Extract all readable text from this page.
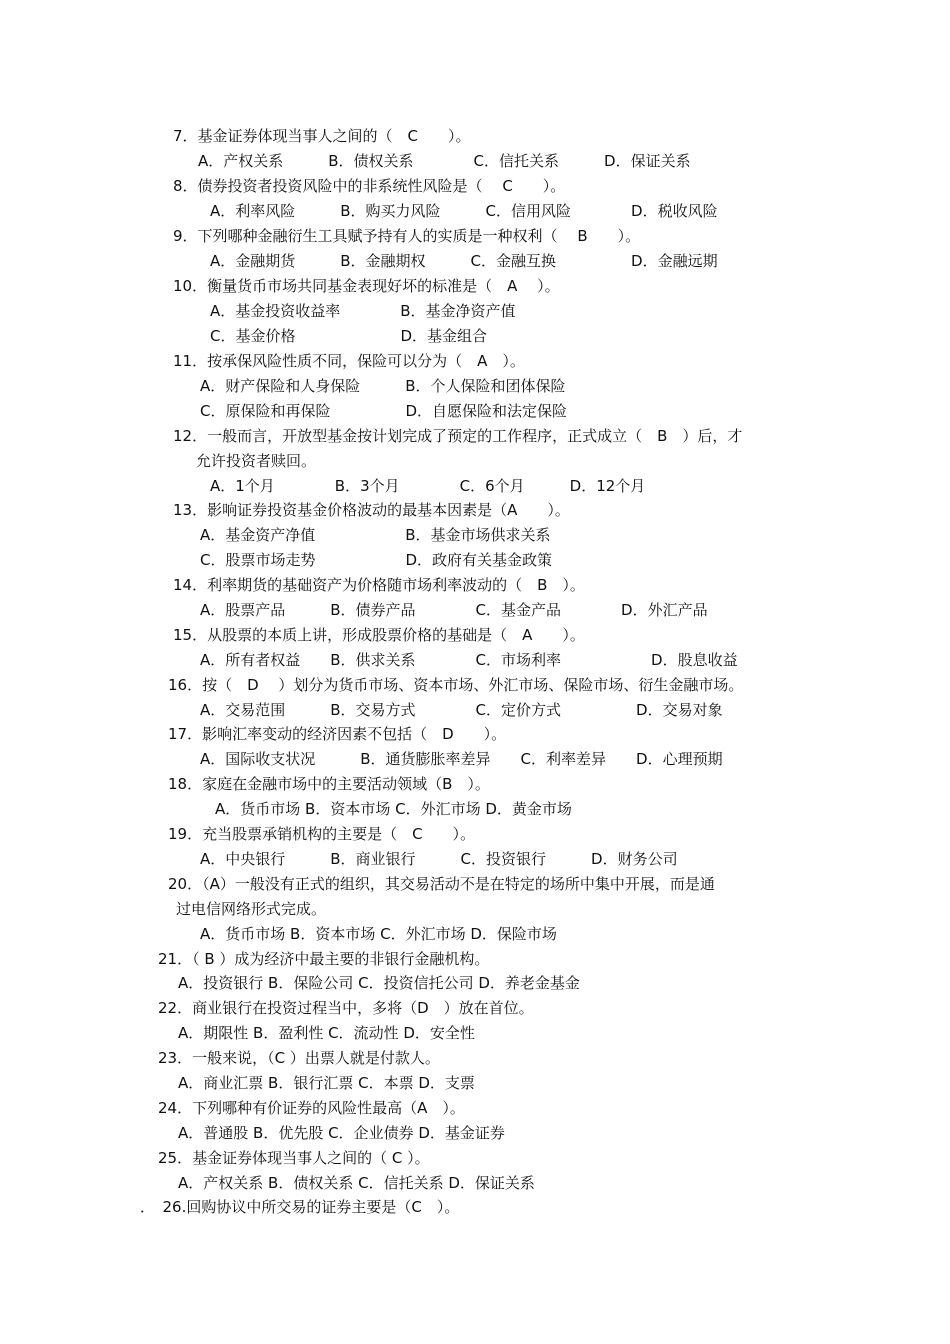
7．基金证券体现当事人之间的（　C　　）。
A．产权关系　　　B．债权关系　　　　C．信托关系　　　D．保证关系
8．债券投资者投资风险中的非系统性风险是（　 C　　）。
A．利率风险　　　B．购买力风险　　　C．信用风险　　　　D．税收风险
9．下列哪种金融衍生工具赋予持有人的实质是一种权利（　 B　　）。
A．金融期货　　　B．金融期权　　　C．金融互换　　　　　D．金融远期
10．衡量货币市场共同基金表现好坏的标准是（　A　 ）。
A．基金投资收益率　　　　B．基金净资产值
C．基金价格　　　　　　　D．基金组合
11．按承保风险性质不同，保险可以分为（　A　）。
A．财产保险和人身保险　　　B．个人保险和团体保险
C．原保险和再保险　　　　　D．自愿保险和法定保险
12．一般而言，开放型基金按计划完成了预定的工作程序，正式成立（　B　）后，才
允许投资者赎回。
A．1个月　　　　B．3个月　　　　C．6个月　　　D．12个月
13．影响证券投资基金价格波动的最基本因素是（A　　）。
A．基金资产净值　　　　　　B．基金市场供求关系
C．股票市场走势　　　　　　D．政府有关基金政策
14．利率期货的基础资产为价格随市场利率波动的（　B　）。
A．股票产品　　　B．债券产品　　　　C．基金产品　　　　D．外汇产品
15．从股票的本质上讲，形成股票价格的基础是（　A　　）。
A．所有者权益　　B．供求关系　　　　C．市场利率　　　　　　D．股息收益
16．按（　D　 ）划分为货币市场、资本市场、外汇市场、保险市场、衍生金融市场。
A．交易范围　　　B．交易方式　　　　C．定价方式　　　　　D．交易对象
17．影响汇率变动的经济因素不包括（　D　　）。
A．国际收支状况　　　B．通货膨胀率差异　　C．利率差异　　D．心理预期
18．家庭在金融市场中的主要活动领域（B　）。
A．货币市场 B．资本市场 C．外汇市场 D．黄金市场
19．充当股票承销机构的主要是（　C　　）。
A．中央银行　　　B．商业银行　　　C．投资银行　　　D．财务公司
20．（A）一般没有正式的组织，其交易活动不是在特定的场所中集中开展，而是通
过电信网络形式完成。
A．货币市场 B．资本市场 C．外汇市场 D．保险市场
21．（ B ）成为经济中最主要的非银行金融机构。
A．投资银行 B．保险公司 C．投资信托公司 D．养老金基金
22．商业银行在投资过程当中，多将（D　）放在首位。
A．期限性 B．盈利性 C．流动性 D．安全性
23．一般来说，（C ）出票人就是付款人。
A．商业汇票 B．银行汇票 C．本票 D．支票
24．下列哪种有价证券的风险性最高（A　）。
A．普通股 B．优先股 C．企业债券 D．基金证券
25．基金证券体现当事人之间的（ C ）。
A．产权关系 B．债权关系 C．信托关系 D．保证关系
．　26.回购协议中所交易的证券主要是（C　）。
